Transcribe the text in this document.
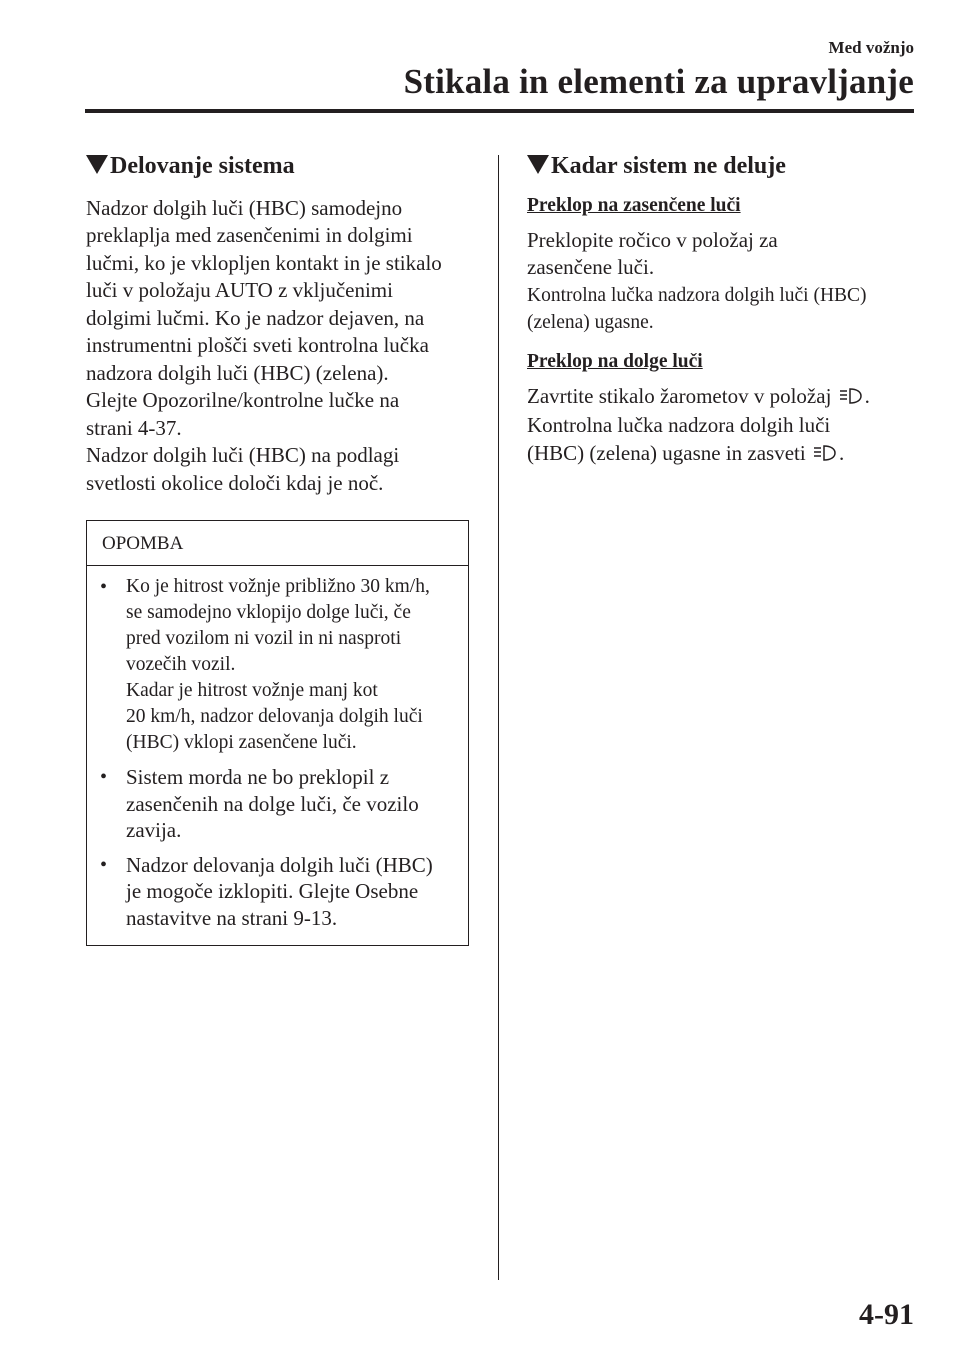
Med vožnjo
Stikala in elementi za upravljanje
Delovanje sistema

Nadzor dolgih luči (HBC) samodejno

preklaplja med zasenčenimi in dolgimi

lučmi, ko je vklopljen kontakt in je stikalo

luči v položaju AUTO z vključenimi

dolgimi lučmi. Ko je nadzor dejaven, na

instrumentni plošči sveti kontrolna lučka

nadzora dolgih luči (HBC) (zelena).

Glejte Opozorilne/kontrolne lučke na

strani 4-37.

Nadzor dolgih luči (HBC) na podlagi

svetlosti okolice določi kdaj je noč.

OPOMBA
• Ko je hitrost vožnje približno 30 km/h,
se samodejno vklopijo dolge luči, če
pred vozilom ni vozil in ni nasproti
vozečih vozil.
Kadar je hitrost vožnje manj kot
20 km/h, nadzor delovanja dolgih luči
(HBC) vklopi zasenčene luči.
• Sistem morda ne bo preklopil z
zasenčenih na dolge luči, če vozilo
zavija.
• Nadzor delovanja dolgih luči (HBC)
je mogoče izklopiti. Glejte Osebne
nastavitve na strani 9-13.
Kadar sistem ne deluje
Preklop na zasenčene luči

Preklopite ročico v položaj za

zasenčene luči.

Kontrolna lučka nadzora dolgih luči (HBC)

(zelena) ugasne.

Preklop na dolge luči

Zavrtite stikalo žarometov v položaj .

Kontrolna lučka nadzora dolgih luči

(HBC) (zelena) ugasne in zasveti .

4-91
